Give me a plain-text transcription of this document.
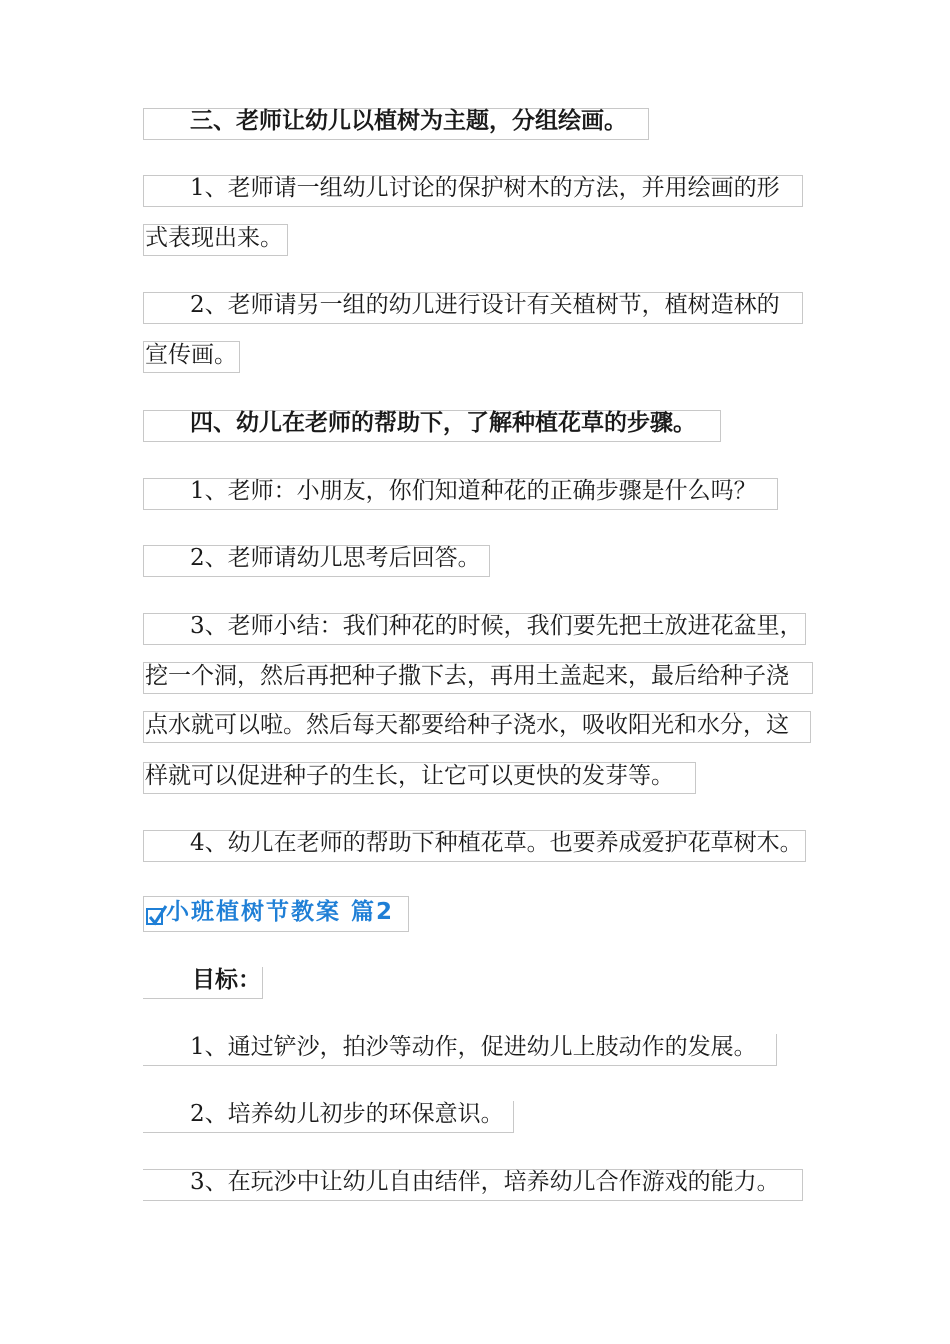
三、老师让幼儿以植树为主题，分组绘画。
1、老师请一组幼儿讨论的保护树木的方法，并用绘画的形
式表现出来。
2、老师请另一组的幼儿进行设计有关植树节，植树造林的
宣传画。
四、幼儿在老师的帮助下，了解种植花草的步骤。
1、老师：小朋友，你们知道种花的正确步骤是什么吗？
2、老师请幼儿思考后回答。
3、老师小结：我们种花的时候，我们要先把土放进花盆里，
挖一个洞，然后再把种子撒下去，再用土盖起来，最后给种子浇
点水就可以啦。然后每天都要给种子浇水，吸收阳光和水分，这
样就可以促进种子的生长，让它可以更快的发芽等。
4、幼儿在老师的帮助下种植花草。也要养成爱护花草树木。
小班植树节教案 篇2
目标：
1、通过铲沙，拍沙等动作，促进幼儿上肢动作的发展。
2、培养幼儿初步的环保意识。
3、在玩沙中让幼儿自由结伴，培养幼儿合作游戏的能力。
